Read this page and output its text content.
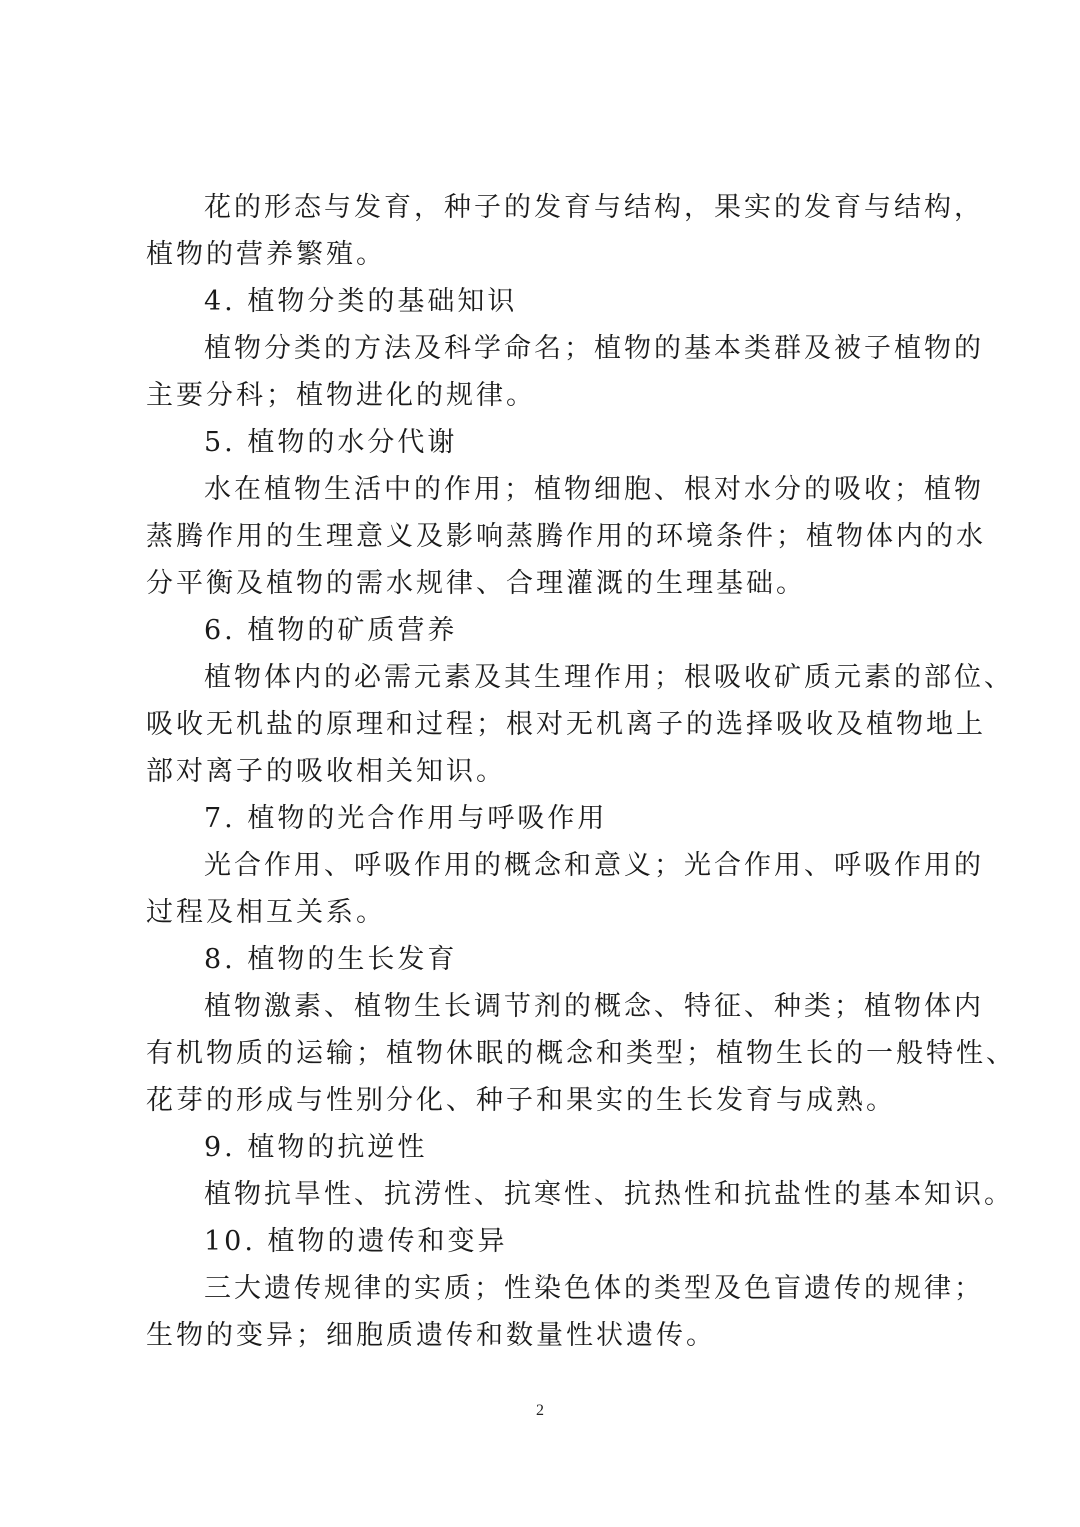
花的形态与发育，种子的发育与结构，果实的发育与结构，
植物的营养繁殖。
4. 植物分类的基础知识
植物分类的方法及科学命名；植物的基本类群及被子植物的
主要分科；植物进化的规律。
5. 植物的水分代谢
水在植物生活中的作用；植物细胞、根对水分的吸收；植物
蒸腾作用的生理意义及影响蒸腾作用的环境条件；植物体内的水
分平衡及植物的需水规律、合理灌溉的生理基础。
6. 植物的矿质营养
植物体内的必需元素及其生理作用；根吸收矿质元素的部位、
吸收无机盐的原理和过程；根对无机离子的选择吸收及植物地上
部对离子的吸收相关知识。
7. 植物的光合作用与呼吸作用
光合作用、呼吸作用的概念和意义；光合作用、呼吸作用的
过程及相互关系。
8. 植物的生长发育
植物激素、植物生长调节剂的概念、特征、种类；植物体内
有机物质的运输；植物休眠的概念和类型；植物生长的一般特性、
花芽的形成与性别分化、种子和果实的生长发育与成熟。
9. 植物的抗逆性
植物抗旱性、抗涝性、抗寒性、抗热性和抗盐性的基本知识。
10. 植物的遗传和变异
三大遗传规律的实质；性染色体的类型及色盲遗传的规律；
生物的变异；细胞质遗传和数量性状遗传。
2
